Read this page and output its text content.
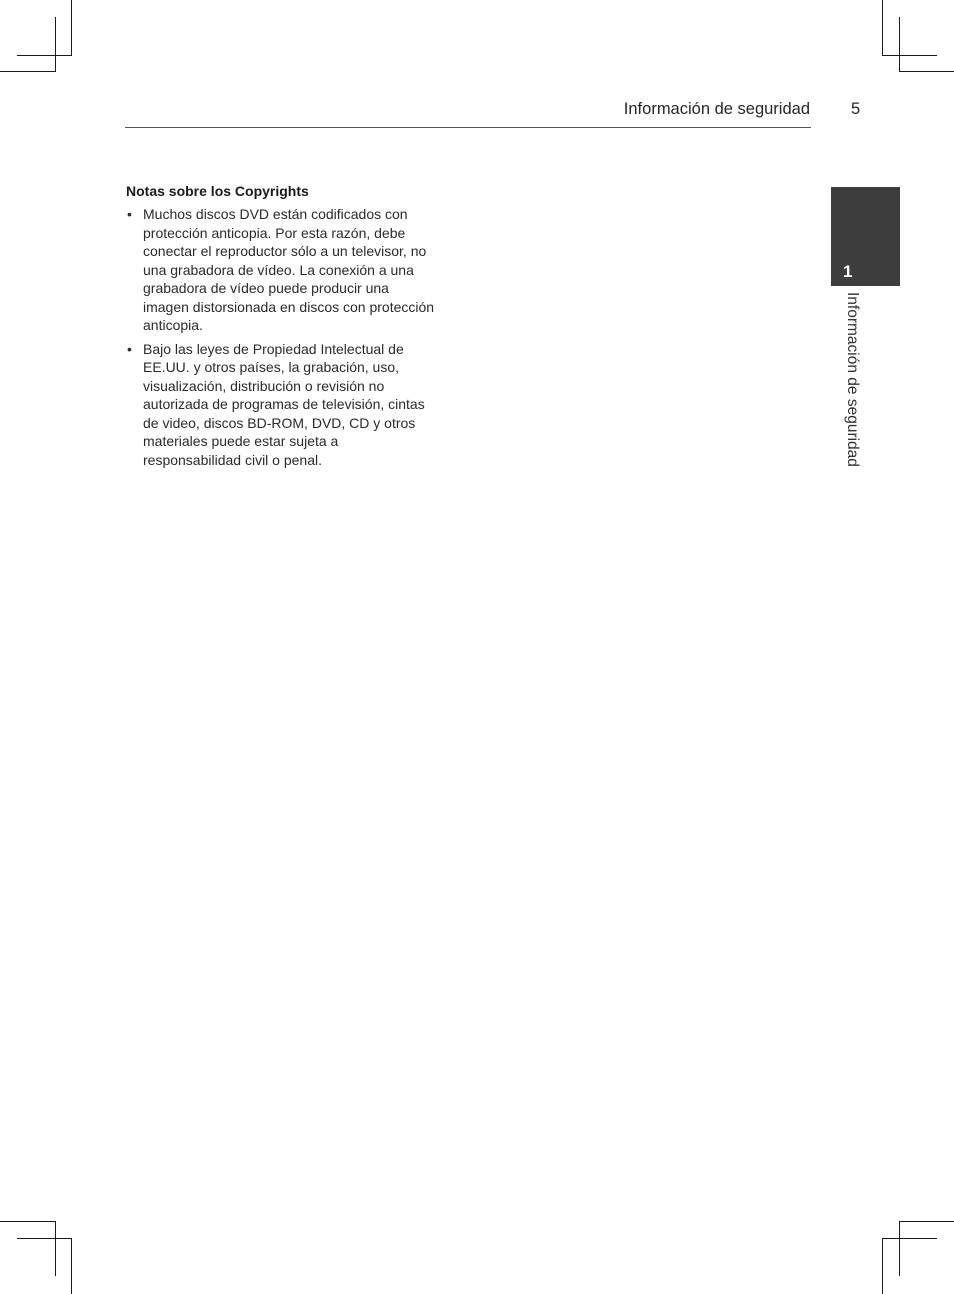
Información de seguridad 5
Notas sobre los Copyrights
• Muchos discos DVD están codificados con protección anticopia. Por esta razón, debe conectar el reproductor sólo a un televisor, no una grabadora de vídeo. La conexión a una grabadora de vídeo puede producir una imagen distorsionada en discos con protección anticopia.
• Bajo las leyes de Propiedad Intelectual de EE.UU. y otros países, la grabación, uso, visualización, distribución o revisión no autorizada de programas de televisión, cintas de video, discos BD-ROM, DVD, CD y otros materiales puede estar sujeta a responsabilidad civil o penal.
1
Información de seguridad
